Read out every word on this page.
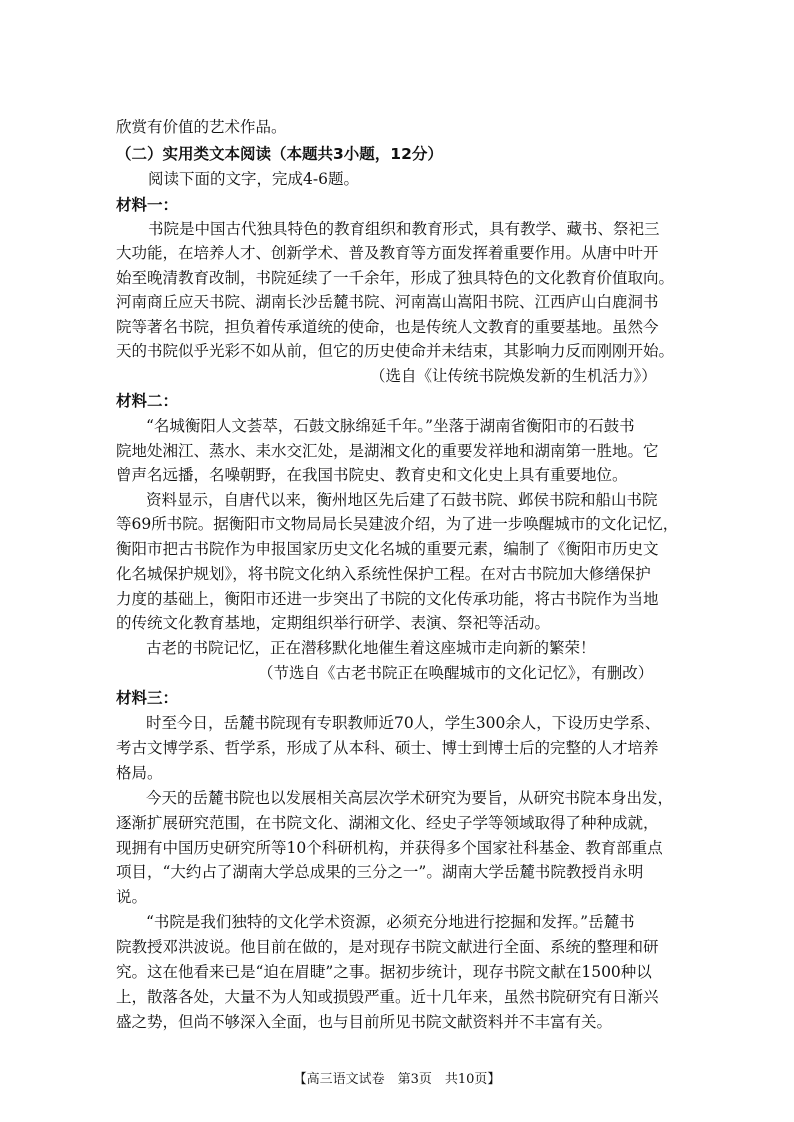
欣赏有价值的艺术作品。
（二）实用类文本阅读（本题共3小题，12分）
阅读下面的文字，完成4-6题。
材料一：
书院是中国古代独具特色的教育组织和教育形式，具有教学、藏书、祭祀三
大功能，在培养人才、创新学术、普及教育等方面发挥着重要作用。从唐中叶开
始至晚清教育改制，书院延续了一千余年，形成了独具特色的文化教育价值取向。
河南商丘应天书院、湖南长沙岳麓书院、河南嵩山嵩阳书院、江西庐山白鹿洞书
院等著名书院，担负着传承道统的使命，也是传统人文教育的重要基地。虽然今
天的书院似乎光彩不如从前，但它的历史使命并未结束，其影响力反而刚刚开始。
（选自《让传统书院焕发新的生机活力》）
材料二：
“名城衡阳人文荟萃，石鼓文脉绵延千年。”坐落于湖南省衡阳市的石鼓书
院地处湘江、蒸水、耒水交汇处，是湖湘文化的重要发祥地和湖南第一胜地。它
曾声名远播，名噪朝野，在我国书院史、教育史和文化史上具有重要地位。
资料显示，自唐代以来，衡州地区先后建了石鼓书院、邺侯书院和船山书院
等69所书院。据衡阳市文物局局长吴建波介绍，为了进一步唤醒城市的文化记忆，
衡阳市把古书院作为申报国家历史文化名城的重要元素，编制了《衡阳市历史文
化名城保护规划》，将书院文化纳入系统性保护工程。在对古书院加大修缮保护
力度的基础上，衡阳市还进一步突出了书院的文化传承功能，将古书院作为当地
的传统文化教育基地，定期组织举行研学、表演、祭祀等活动。
古老的书院记忆，正在潜移默化地催生着这座城市走向新的繁荣！
（节选自《古老书院正在唤醒城市的文化记忆》，有删改）
材料三：
时至今日，岳麓书院现有专职教师近70人，学生300余人，下设历史学系、
考古文博学系、哲学系，形成了从本科、硕士、博士到博士后的完整的人才培养
格局。
今天的岳麓书院也以发展相关高层次学术研究为要旨，从研究书院本身出发，
逐渐扩展研究范围，在书院文化、湖湘文化、经史子学等领域取得了种种成就，
现拥有中国历史研究所等10个科研机构，并获得多个国家社科基金、教育部重点
项目，“大约占了湖南大学总成果的三分之一”。湖南大学岳麓书院教授肖永明
说。
“书院是我们独特的文化学术资源，必须充分地进行挖掘和发挥。”岳麓书
院教授邓洪波说。他目前在做的，是对现存书院文献进行全面、系统的整理和研
究。这在他看来已是“迫在眉睫”之事。据初步统计，现存书院文献在1500种以
上，散落各处，大量不为人知或损毁严重。近十几年来，虽然书院研究有日渐兴
盛之势，但尚不够深入全面，也与目前所见书院文献资料并不丰富有关。
【高三语文试卷　第3页　共10页】
